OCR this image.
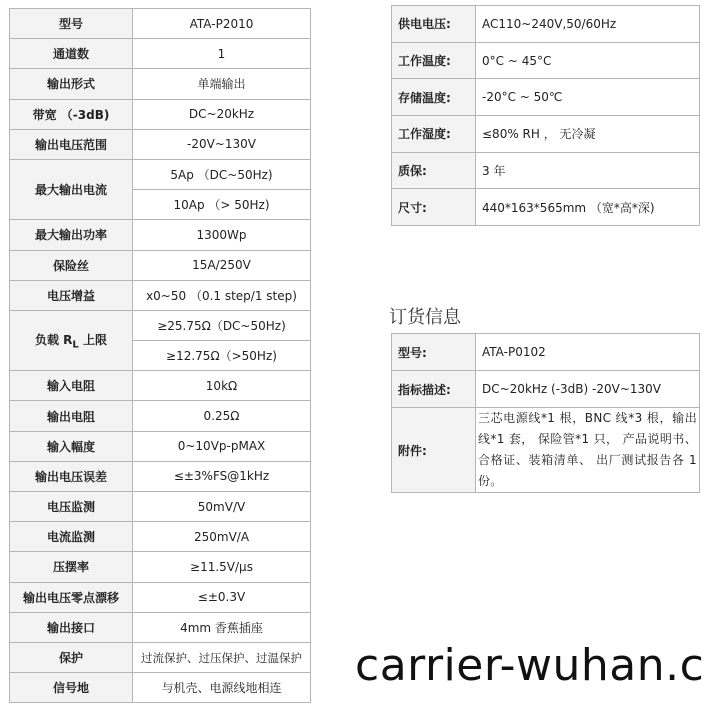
型号	ATA-P2010
通道数	1
输出形式	单端输出
带宽 （-3dB)	DC~20kHz
输出电压范围	-20V~130V
最大输出电流	5Ap （DC~50Hz)
	10Ap （> 50Hz)
最大输出功率	1300Wp
保险丝	15A/250V
电压增益	x0~50 （0.1 step/1 step)
负载 $R_L$ 上限	≥25.75Ω（DC~50Hz)
	≥12.75Ω（>50Hz)
输入电阻	10kΩ
输出电阻	0.25Ω
输入幅度	0~10Vp-pMAX
输出电压误差	≤±3%FS@1kHz
电压监测	50mV/V
电流监测	250mV/A
压摆率	≥11.5V/μs
输出电压零点漂移	≤±0.3V
输出接口	4mm 香蕉插座
保护	过流保护、过压保护、过温保护
信号地	与机壳、电源线地相连
供电电压:	AC110~240V,50/60Hz
工作温度:	0°C ~ 45°C
存储温度:	-20°C ~ 50℃
工作湿度:	≤80% RH ， 无冷凝
质保:	3 年
尺寸:	440*163*565mm （宽*高*深)
订货信息
型号:	ATA-P0102
指标描述:	DC~20kHz (-3dB) -20V~130V
附件:	三芯电源线*1 根，BNC 线*3 根，输出线*1 套， 保险管*1 只， 产品说明书、合格证、装箱清单、 出厂测试报告各 1 份。
carrier-wuhan.c
